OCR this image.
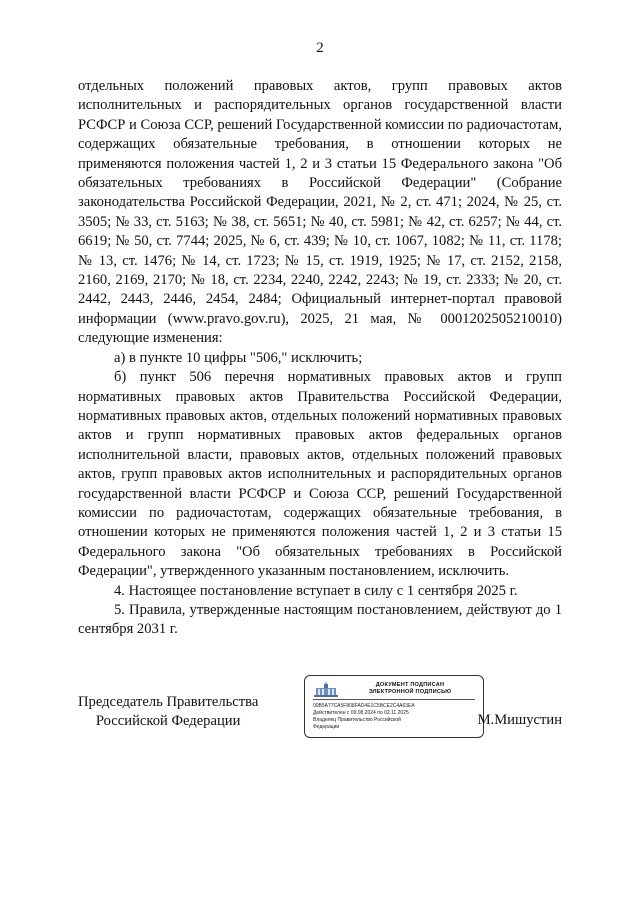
2

отдельных положений правовых актов, групп правовых актов исполнительных и распорядительных органов государственной власти РСФСР и Союза ССР, решений Государственной комиссии по радиочастотам, содержащих обязательные требования, в отношении которых не применяются положения частей 1, 2 и 3 статьи 15 Федерального закона "Об обязательных требованиях в Российской Федерации" (Собрание законодательства Российской Федерации, 2021, № 2, ст. 471; 2024, № 25, ст. 3505; № 33, ст. 5163; № 38, ст. 5651; № 40, ст. 5981; № 42, ст. 6257; № 44, ст. 6619; № 50, ст. 7744; 2025, № 6, ст. 439; № 10, ст. 1067, 1082; № 11, ст. 1178; № 13, ст. 1476; № 14, ст. 1723; № 15, ст. 1919, 1925; № 17, ст. 2152, 2158, 2160, 2169, 2170; № 18, ст. 2234, 2240, 2242, 2243; № 19, ст. 2333; № 20, ст. 2442, 2443, 2446, 2454, 2484; Официальный интернет-портал правовой информации (www.pravo.gov.ru), 2025, 21 мая, № 0001202505210010) следующие изменения:

а) в пункте 10 цифры "506," исключить;

б) пункт 506 перечня нормативных правовых актов и групп нормативных правовых актов Правительства Российской Федерации, нормативных правовых актов, отдельных положений нормативных правовых актов и групп нормативных правовых актов федеральных органов исполнительной власти, правовых актов, отдельных положений правовых актов, групп правовых актов исполнительных и распорядительных органов государственной власти РСФСР и Союза ССР, решений Государственной комиссии по радиочастотам, содержащих обязательные требования, в отношении которых не применяются положения частей 1, 2 и 3 статьи 15 Федерального закона "Об обязательных требованиях в Российской Федерации", утвержденного указанным постановлением, исключить.

4. Настоящее постановление вступает в силу с 1 сентября 2025 г.

5. Правила, утвержденные настоящим постановлением, действуют до 1 сентября 2031 г.

Председатель Правительства
Российской Федерации
ДОКУМЕНТ ПОДПИСАН
ЭЛЕКТРОННОЙ ПОДПИСЬЮ
00B5A77CA5F808FAD4E1C5BCE2C4A63EA
Действителен с 09.08.2024 по 02.11.2025
Владелец Правительство Российской
Федерации	М.Мишустин
